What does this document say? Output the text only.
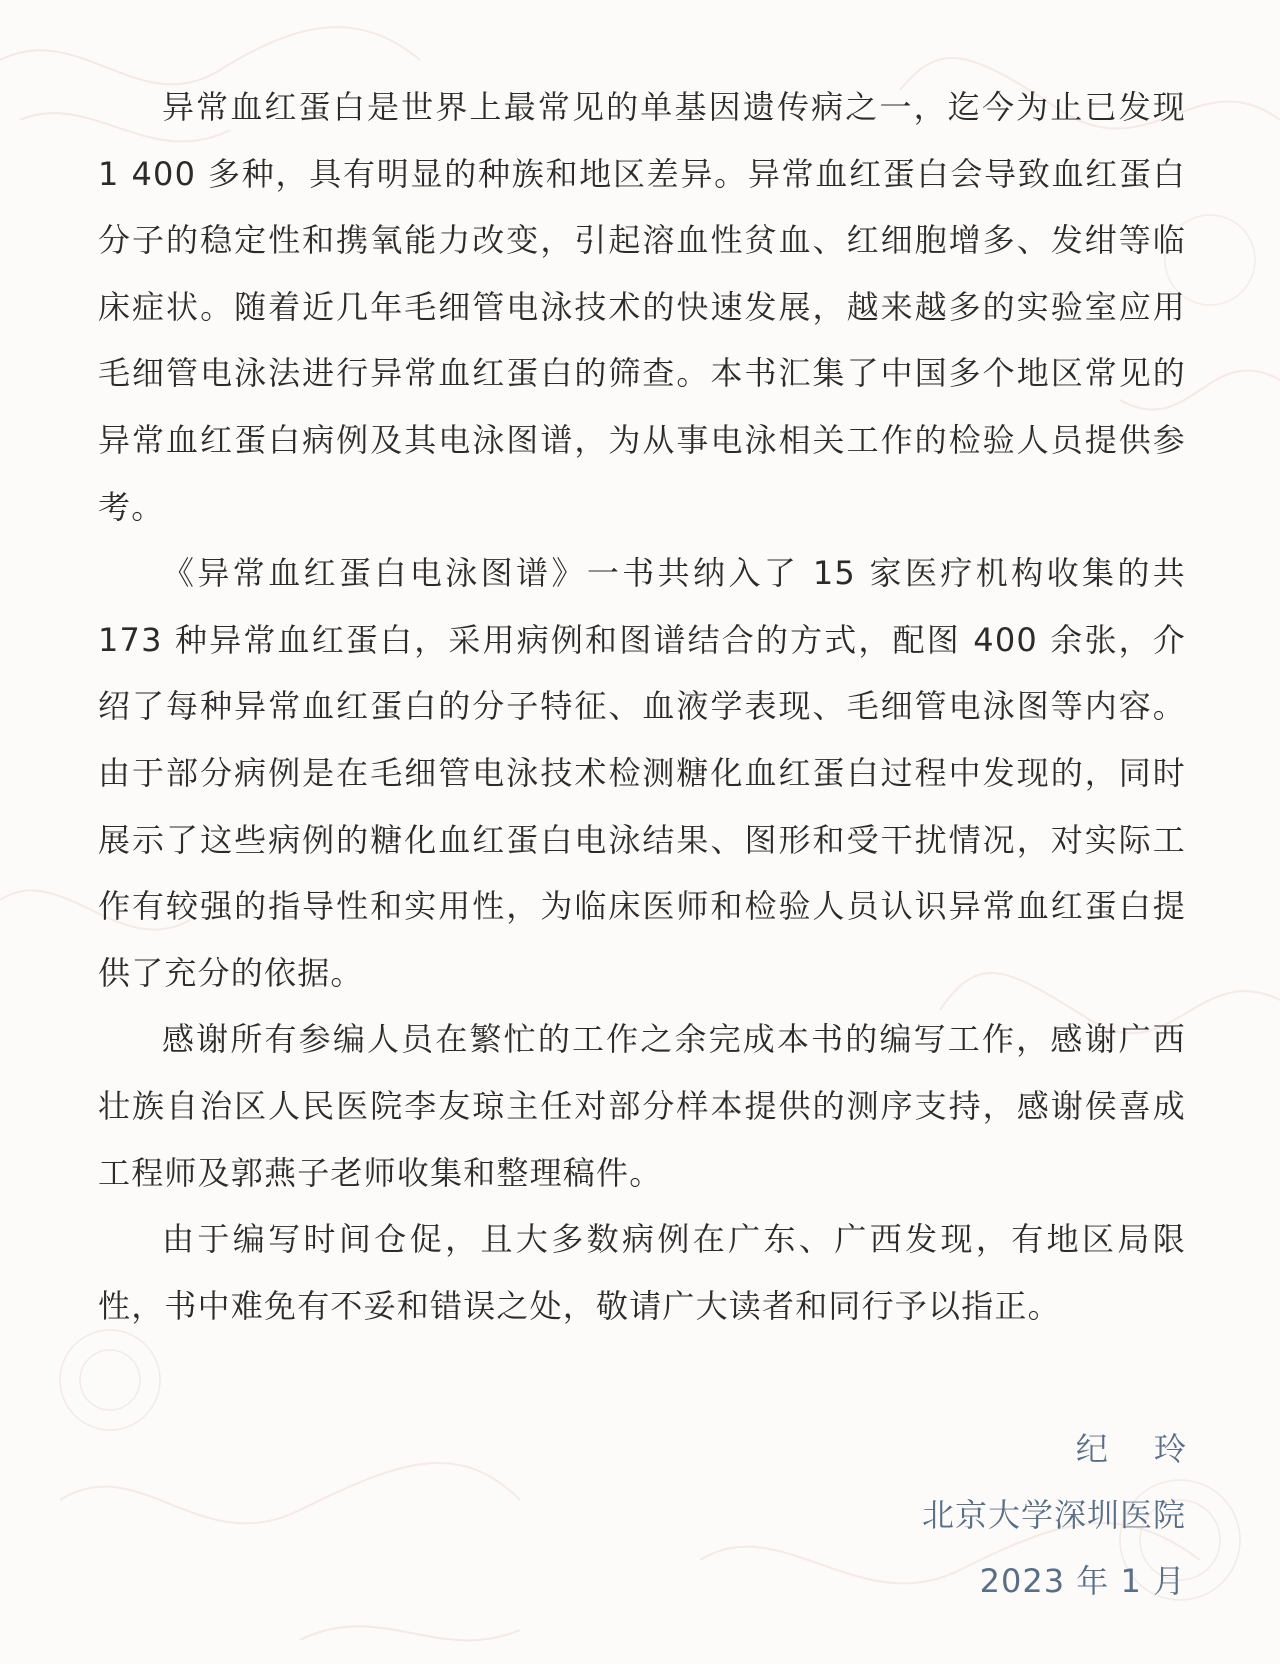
异常血红蛋白是世界上最常见的单基因遗传病之一，迄今为止已发现 1 400 多种，具有明显的种族和地区差异。异常血红蛋白会导致血红蛋白分子的稳定性和携氧能力改变，引起溶血性贫血、红细胞增多、发绀等临床症状。随着近几年毛细管电泳技术的快速发展，越来越多的实验室应用毛细管电泳法进行异常血红蛋白的筛查。本书汇集了中国多个地区常见的异常血红蛋白病例及其电泳图谱，为从事电泳相关工作的检验人员提供参考。

《异常血红蛋白电泳图谱》一书共纳入了 15 家医疗机构收集的共 173 种异常血红蛋白，采用病例和图谱结合的方式，配图 400 余张，介绍了每种异常血红蛋白的分子特征、血液学表现、毛细管电泳图等内容。由于部分病例是在毛细管电泳技术检测糖化血红蛋白过程中发现的，同时展示了这些病例的糖化血红蛋白电泳结果、图形和受干扰情况，对实际工作有较强的指导性和实用性，为临床医师和检验人员认识异常血红蛋白提供了充分的依据。

感谢所有参编人员在繁忙的工作之余完成本书的编写工作，感谢广西壮族自治区人民医院李友琼主任对部分样本提供的测序支持，感谢侯喜成工程师及郭燕子老师收集和整理稿件。

由于编写时间仓促，且大多数病例在广东、广西发现，有地区局限性，书中难免有不妥和错误之处，敬请广大读者和同行予以指正。

纪 玲
北京大学深圳医院
2023 年 1 月
